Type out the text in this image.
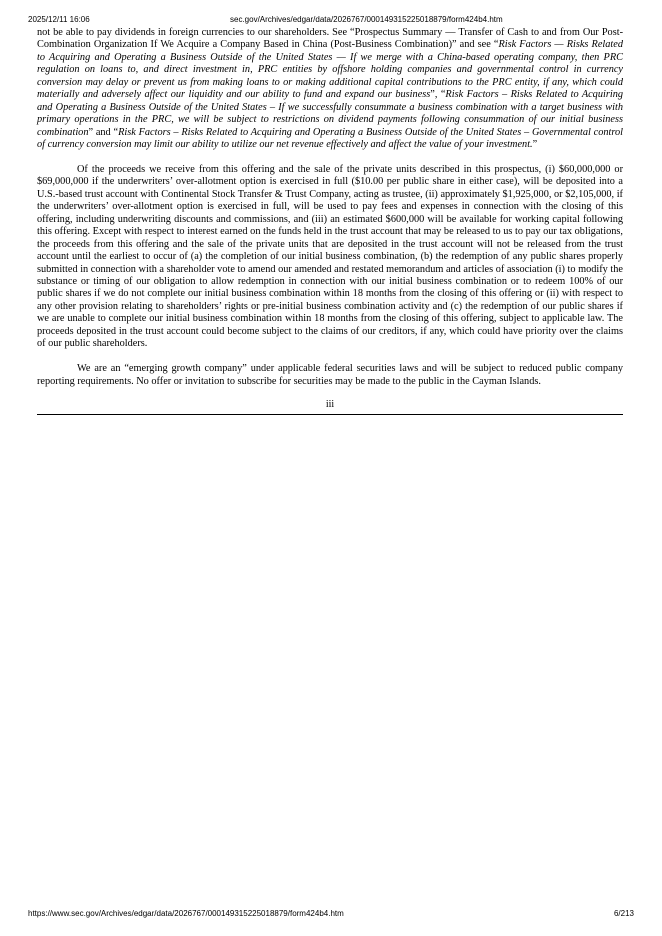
2025/12/11 16:06	sec.gov/Archives/edgar/data/2026767/000149315225018879/form424b4.htm

not be able to pay dividends in foreign currencies to our shareholders. See “Prospectus Summary — Transfer of Cash to and from Our Post-Combination Organization If We Acquire a Company Based in China (Post-Business Combination)” and see “Risk Factors — Risks Related to Acquiring and Operating a Business Outside of the United States — If we merge with a China-based operating company, then PRC regulation on loans to, and direct investment in, PRC entities by offshore holding companies and governmental control in currency conversion may delay or prevent us from making loans to or making additional capital contributions to the PRC entity, if any, which could materially and adversely affect our liquidity and our ability to fund and expand our business”, “Risk Factors – Risks Related to Acquiring and Operating a Business Outside of the United States – If we successfully consummate a business combination with a target business with primary operations in the PRC, we will be subject to restrictions on dividend payments following consummation of our initial business combination” and “Risk Factors – Risks Related to Acquiring and Operating a Business Outside of the United States – Governmental control of currency conversion may limit our ability to utilize our net revenue effectively and affect the value of your investment.”

Of the proceeds we receive from this offering and the sale of the private units described in this prospectus, (i) $60,000,000 or $69,000,000 if the underwriters’ over-allotment option is exercised in full ($10.00 per public share in either case), will be deposited into a U.S.-based trust account with Continental Stock Transfer & Trust Company, acting as trustee, (ii) approximately $1,925,000, or $2,105,000, if the underwriters’ over-allotment option is exercised in full, will be used to pay fees and expenses in connection with the closing of this offering, including underwriting discounts and commissions, and (iii) an estimated $600,000 will be available for working capital following this offering. Except with respect to interest earned on the funds held in the trust account that may be released to us to pay our tax obligations, the proceeds from this offering and the sale of the private units that are deposited in the trust account will not be released from the trust account until the earliest to occur of (a) the completion of our initial business combination, (b) the redemption of any public shares properly submitted in connection with a shareholder vote to amend our amended and restated memorandum and articles of association (i) to modify the substance or timing of our obligation to allow redemption in connection with our initial business combination or to redeem 100% of our public shares if we do not complete our initial business combination within 18 months from the closing of this offering or (ii) with respect to any other provision relating to shareholders’ rights or pre-initial business combination activity and (c) the redemption of our public shares if we are unable to complete our initial business combination within 18 months from the closing of this offering, subject to applicable law. The proceeds deposited in the trust account could become subject to the claims of our creditors, if any, which could have priority over the claims of our public shareholders.

We are an “emerging growth company” under applicable federal securities laws and will be subject to reduced public company reporting requirements. No offer or invitation to subscribe for securities may be made to the public in the Cayman Islands.

iii
https://www.sec.gov/Archives/edgar/data/2026767/000149315225018879/form424b4.htm	6/213
